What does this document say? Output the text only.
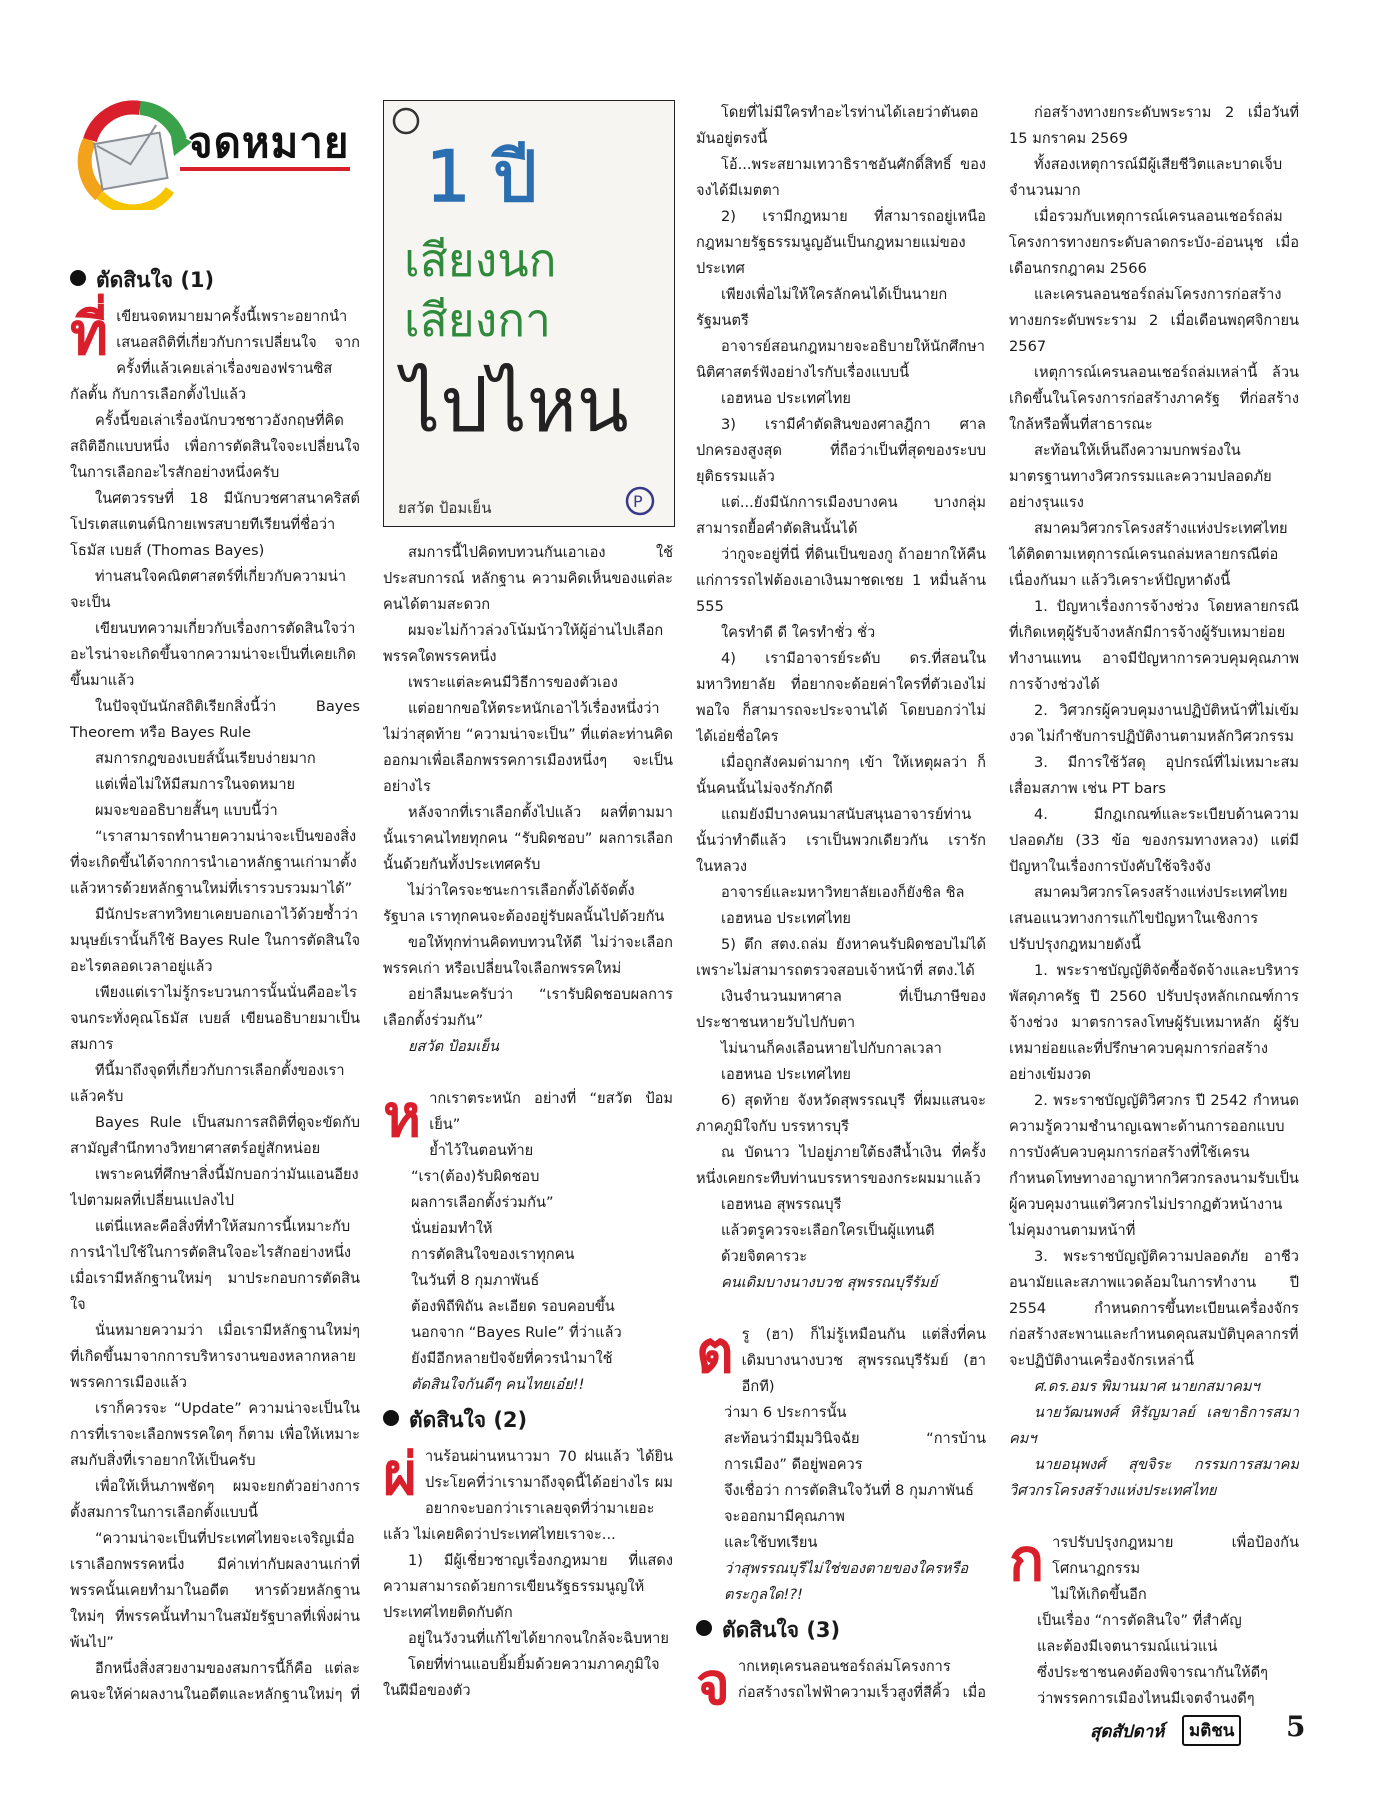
จดหมาย
ตัดสินใจ (1)

ที่เขียนจดหมายมาครั้งนี้เพราะอยากนำเสนอสถิติที่เกี่ยวกับการเปลี่ยนใจ จากครั้งที่แล้วเคยเล่าเรื่องของฟรานซิส กัลตั้น กับการเลือกตั้งไปแล้ว

ครั้งนี้ขอเล่าเรื่องนักบวชชาวอังกฤษที่คิดสถิติอีกแบบหนึ่ง เพื่อการตัดสินใจจะเปลี่ยนใจในการเลือกอะไรสักอย่างหนึ่งครับ

ในศตวรรษที่ 18 มีนักบวชศาสนาคริสต์โปรเตสแตนต์นิกายเพรสบายทีเรียนที่ชื่อว่าโธมัส เบยส์ (Thomas Bayes)

ท่านสนใจคณิตศาสตร์ที่เกี่ยวกับความน่าจะเป็น

เขียนบทความเกี่ยวกับเรื่องการตัดสินใจว่าอะไรน่าจะเกิดขึ้นจากความน่าจะเป็นที่เคยเกิดขึ้นมาแล้ว

ในปัจจุบันนักสถิติเรียกสิ่งนี้ว่า Bayes Theorem หรือ Bayes Rule

สมการกฎของเบยส์นั้นเรียบง่ายมาก

แต่เพื่อไม่ให้มีสมการในจดหมาย

ผมจะขออธิบายสั้นๆ แบบนี้ว่า

“เราสามารถทำนายความน่าจะเป็นของสิ่งที่จะเกิดขึ้นได้จากการนำเอาหลักฐานเก่ามาตั้ง แล้วหารด้วยหลักฐานใหม่ที่เรารวบรวมมาได้”

มีนักประสาทวิทยาเคยบอกเอาไว้ด้วยซ้ำว่ามนุษย์เรานั้นก็ใช้ Bayes Rule ในการตัดสินใจอะไรตลอดเวลาอยู่แล้ว

เพียงแต่เราไม่รู้กระบวนการนั้นนั่นคืออะไร จนกระทั่งคุณโธมัส เบยส์ เขียนอธิบายมาเป็นสมการ

ทีนี้มาถึงจุดที่เกี่ยวกับการเลือกตั้งของเราแล้วครับ

Bayes Rule เป็นสมการสถิติที่ดูจะขัดกับสามัญสำนึกทางวิทยาศาสตร์อยู่สักหน่อย

เพราะคนที่ศึกษาสิ่งนี้มักบอกว่ามันแอนอียงไปตามผลที่เปลี่ยนแปลงไป

แต่นี่แหละคือสิ่งที่ทำให้สมการนี้เหมาะกับการนำไปใช้ในการตัดสินใจอะไรสักอย่างหนึ่ง เมื่อเรามีหลักฐานใหม่ๆ มาประกอบการตัดสินใจ

นั่นหมายความว่า เมื่อเรามีหลักฐานใหม่ๆ ที่เกิดขึ้นมาจากการบริหารงานของหลากหลายพรรคการเมืองแล้ว

เราก็ควรจะ “Update” ความน่าจะเป็นในการที่เราจะเลือกพรรคใดๆ ก็ตาม เพื่อให้เหมาะสมกับสิ่งที่เราอยากให้เป็นครับ

เพื่อให้เห็นภาพชัดๆ ผมจะยกตัวอย่างการตั้งสมการในการเลือกตั้งแบบนี้

“ความน่าจะเป็นที่ประเทศไทยจะเจริญเมื่อเราเลือกพรรคหนึ่ง มีค่าเท่ากับผลงานเก่าที่พรรคนั้นเคยทำมาในอดีต หารด้วยหลักฐานใหม่ๆ ที่พรรคนั้นทำมาในสมัยรัฐบาลที่เพิ่งผ่านพ้นไป”

อีกหนึ่งสิ่งสวยงามของสมการนี้ก็คือ แต่ละคนจะให้ค่าผลงานในอดีตและหลักฐานใหม่ๆ ที่

1 ปี
เสียงนก
เสียงกา
ไปไหน
ยสวัต ป้อมเย็น	P

สมการนี้ไปคิดทบทวนกันเอาเอง ใช้ประสบการณ์ หลักฐาน ความคิดเห็นของแต่ละคนได้ตามสะดวก

ผมจะไม่ก้าวล่วงโน้มน้าวให้ผู้อ่านไปเลือกพรรคใดพรรคหนึ่ง

เพราะแต่ละคนมีวิธีการของตัวเอง

แต่อยากขอให้ตระหนักเอาไว้เรื่องหนึ่งว่า ไม่ว่าสุดท้าย “ความน่าจะเป็น” ที่แต่ละท่านคิดออกมาเพื่อเลือกพรรคการเมืองหนึ่งๆ จะเป็นอย่างไร

หลังจากที่เราเลือกตั้งไปแล้ว ผลที่ตามมานั้นเราคนไทยทุกคน “รับผิดชอบ” ผลการเลือกนั้นด้วยกันทั้งประเทศครับ

ไม่ว่าใครจะชนะการเลือกตั้งได้จัดตั้งรัฐบาล เราทุกคนจะต้องอยู่รับผลนั้นไปด้วยกัน

ขอให้ทุกท่านคิดทบทวนให้ดี ไม่ว่าจะเลือกพรรคเก่า หรือเปลี่ยนใจเลือกพรรคใหม่

อย่าลืมนะครับว่า “เรารับผิดชอบผลการเลือกตั้งร่วมกัน”

ยสวัต ป้อมเย็น

หากเราตระหนัก อย่างที่ “ยสวัต ป้อมเย็น”

ย้ำไว้ในตอนท้าย

“เรา(ต้อง)รับผิดชอบ

ผลการเลือกตั้งร่วมกัน”

นั่นย่อมทำให้

การตัดสินใจของเราทุกคน

ในวันที่ 8 กุมภาพันธ์

ต้องพิถีพิถัน ละเอียด รอบคอบขึ้น

นอกจาก “Bayes Rule” ที่ว่าแล้ว

ยังมีอีกหลายปัจจัยที่ควรนำมาใช้

ตัดสินใจกันดีๆ คนไทยเอ๋ย!!

ตัดสินใจ (2)

ผ่านร้อนผ่านหนาวมา 70 ฝนแล้ว ได้ยินประโยคที่ว่าเรามาถึงจุดนี้ได้อย่างไร ผมอยากจะบอกว่าเราเลยจุดที่ว่ามาเยอะแล้ว ไม่เคยคิดว่าประเทศไทยเราจะ...

1) มีผู้เชี่ยวชาญเรื่องกฎหมาย ที่แสดงความสามารถด้วยการเขียนรัฐธรรมนูญให้ประเทศไทยติดกับดัก

อยู่ในวังวนที่แก้ไขได้ยากจนใกล้จะฉิบหาย

โดยที่ท่านแอบยิ้มยิ้มด้วยความภาคภูมิใจในฝีมือของตัว

โดยที่ไม่มีใครทำอะไรท่านได้เลยว่าตันตอมันอยู่ตรงนี้

โอ้...พระสยามเทวาธิราชอันศักดิ์สิทธิ์ ของจงได้มีเมตตา

2) เรามีกฎหมาย ที่สามารถอยู่เหนือกฎหมายรัฐธรรมนูญอันเป็นกฎหมายแม่ของประเทศ

เพียงเพื่อไม่ให้ใครลักคนได้เป็นนายกรัฐมนตรี

อาจารย์สอนกฎหมายจะอธิบายให้นักศึกษานิติศาสตร์ฟังอย่างไรกับเรื่องแบบนี้

เอฮหนอ ประเทศไทย

3) เรามีคำตัดสินของศาลฎีกา ศาลปกครองสูงสุด ที่ถือว่าเป็นที่สุดของระบบยุติธรรมแล้ว

แต่...ยังมีนักการเมืองบางคน บางกลุ่ม สามารถยื้อคำตัดสินนั้นได้

ว่ากูจะอยู่ที่นี่ ที่ดินเป็นของกู ถ้าอยากให้คืนแก่การรถไฟต้องเอาเงินมาชดเชย 1 หมื่นล้าน 555

ใครทำดี ดี ใครทำชั่ว ชั่ว

4) เรามีอาจารย์ระดับ ดร.ที่สอนในมหาวิทยาลัย ที่อยากจะด้อยค่าใครที่ตัวเองไม่พอใจ ก็สามารถจะประจานได้ โดยบอกว่าไม่ได้เอ่ยชื่อใคร

เมื่อถูกสังคมด่ามากๆ เข้า ให้เหตุผลว่า ก็นั้นคนนั้นไม่จงรักภักดี

แถมยังมีบางคนมาสนับสนุนอาจารย์ท่านนั้นว่าทำดีแล้ว เราเป็นพวกเดียวกัน เรารักในหลวง

อาจารย์และมหาวิทยาลัยเองก็ยังชิล ชิล

เอฮหนอ ประเทศไทย

5) ตึก สตง.ถล่ม ยังหาคนรับผิดชอบไม่ได้ เพราะไม่สามารถตรวจสอบเจ้าหน้าที่ สตง.ได้

เงินจำนวนมหาศาล ที่เป็นภาษีของประชาชนหายวับไปกับตา

ไม่นานก็คงเลือนหายไปกับกาลเวลา

เอฮหนอ ประเทศไทย

6) สุดท้าย จังหวัดสุพรรณบุรี ที่ผมแสนจะภาคภูมิใจกับ บรรหารบุรี

ณ บัดนาว ไปอยู่ภายใต้ธงสีน้ำเงิน ที่ครั้งหนึ่งเคยกระทืบท่านบรรหารของกระผมมาแล้ว

เอฮหนอ สุพรรณบุรี

แล้วตรูควรจะเลือกใครเป็นผู้แทนดี

ด้วยจิตคารวะ

คนเดิมบางนางบวช สุพรรณบุรีรัมย์

ตรู (ฮา) ก็ไม่รู้เหมือนกัน แต่สิ่งที่คนเดิมบางนางบวช สุพรรณบุรีรัมย์ (ฮา อีกที)

ว่ามา 6 ประการนั้น

สะท้อนว่ามีมุมวินิจฉัย “การบ้านการเมือง” ดีอยู่พอควร

จึงเชื่อว่า การตัดสินใจวันที่ 8 กุมภาพันธ์

จะออกมามีคุณภาพ

และใช้บทเรียน

ว่าสุพรรณบุรีไม่ใช่ของตายของใครหรือตระกูลใด!?!

ตัดสินใจ (3)

จากเหตุเครนลอนชอร์ถล่มโครงการก่อสร้างรถไฟฟ้าความเร็วสูงที่สีคิ้ว เมื่อ

ก่อสร้างทางยกระดับพระราม 2 เมื่อวันที่ 15 มกราคม 2569

ทั้งสองเหตุการณ์มีผู้เสียชีวิตและบาดเจ็บจำนวนมาก

เมื่อรวมกับเหตุการณ์เครนลอนเชอร์ถล่มโครงการทางยกระดับลาดกระบัง-อ่อนนุช เมื่อเดือนกรกฎาคม 2566

และเครนลอนชอร์ถล่มโครงการก่อสร้างทางยกระดับพระราม 2 เมื่อเดือนพฤศจิกายน 2567

เหตุการณ์เครนลอนเชอร์ถล่มเหล่านี้ ล้วนเกิดขึ้นในโครงการก่อสร้างภาครัฐ ที่ก่อสร้างใกล้หรือพื้นที่สาธารณะ

สะท้อนให้เห็นถึงความบกพร่องในมาตรฐานทางวิศวกรรมและความปลอดภัยอย่างรุนแรง

สมาคมวิศวกรโครงสร้างแห่งประเทศไทยได้ติดตามเหตุการณ์เครนถล่มหลายกรณีต่อเนื่องกันมา แล้ววิเคราะห์ปัญหาดังนี้

1. ปัญหาเรื่องการจ้างช่วง โดยหลายกรณีที่เกิดเหตุผู้รับจ้างหลักมีการจ้างผู้รับเหมาย่อยทำงานแทน อาจมีปัญหาการควบคุมคุณภาพการจ้างช่วงได้

2. วิศวกรผู้ควบคุมงานปฏิบัติหน้าที่ไม่เข้มงวด ไม่กำชับการปฏิบัติงานตามหลักวิศวกรรม

3. มีการใช้วัสดุ อุปกรณ์ที่ไม่เหมาะสม เสื่อมสภาพ เช่น PT bars

4. มีกฎเกณฑ์และระเบียบด้านความปลอดภัย (33 ข้อ ของกรมทางหลวง) แต่มีปัญหาในเรื่องการบังคับใช้จริงจัง

สมาคมวิศวกรโครงสร้างแห่งประเทศไทยเสนอแนวทางการแก้ไขปัญหาในเชิงการปรับปรุงกฎหมายดังนี้

1. พระราชบัญญัติจัดซื้อจัดจ้างและบริหารพัสดุภาครัฐ ปี 2560 ปรับปรุงหลักเกณฑ์การจ้างช่วง มาตรการลงโทษผู้รับเหมาหลัก ผู้รับเหมาย่อยและที่ปรึกษาควบคุมการก่อสร้างอย่างเข้มงวด

2. พระราชบัญญัติวิศวกร ปี 2542 กำหนดความรู้ความชำนาญเฉพาะด้านการออกแบบ การบังคับควบคุมการก่อสร้างที่ใช้เครน กำหนดโทษทางอาญาหากวิศวกรลงนามรับเป็นผู้ควบคุมงานแต่วิศวกรไม่ปรากฏตัวหน้างาน ไม่คุมงานตามหน้าที่

3. พระราชบัญญัติความปลอดภัย อาชีวอนามัยและสภาพแวดล้อมในการทำงาน ปี 2554 กำหนดการขึ้นทะเบียนเครื่องจักรก่อสร้างสะพานและกำหนดคุณสมบัติบุคลากรที่จะปฏิบัติงานเครื่องจักรเหล่านี้

ศ.ดร.อมร พิมานมาศ นายกสมาคมฯ

นายวัฒนพงศ์ หิรัญมาลย์ เลขาธิการสมาคมฯ

นายอนุพงศ์ สุขจิระ กรรมการสมาคมวิศวกรโครงสร้างแห่งประเทศไทย

การปรับปรุงกฎหมาย เพื่อป้องกันโศกนาฏกรรม

ไม่ให้เกิดขึ้นอีก

เป็นเรื่อง “การตัดสินใจ” ที่สำคัญ

และต้องมีเจตนารมณ์แน่วแน่

ซึ่งประชาชนคงต้องพิจารณากันให้ดีๆ

ว่าพรรคการเมืองไหนมีเจตจำนงดีๆ

สุดสัปดาห์	มติชน 5
